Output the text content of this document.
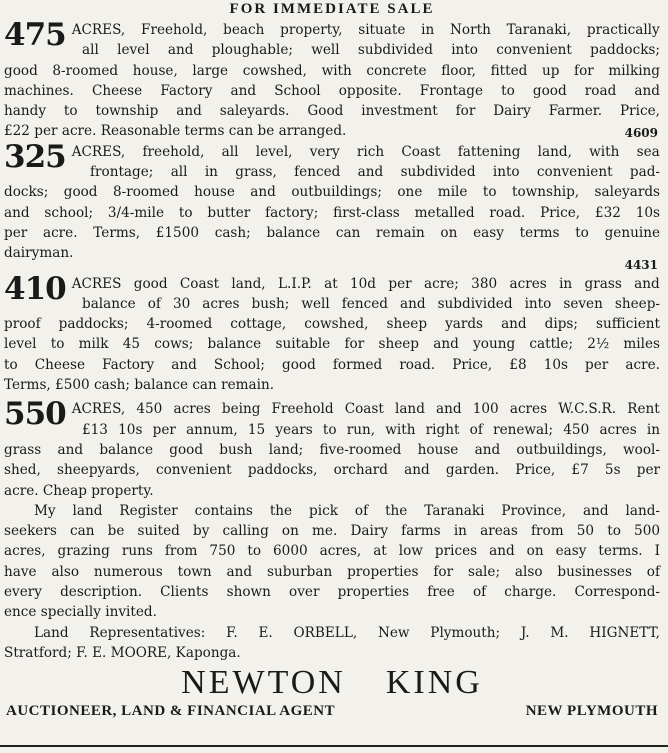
FOR IMMEDIATE SALE
475 ACRES, Freehold, beach property, situate in North Taranaki, practically
all level and ploughable; well subdivided into convenient paddocks;
good 8-roomed house, large cowshed, with concrete floor, fitted up for milking
machines. Cheese Factory and School opposite. Frontage to good road and
handy to township and saleyards. Good investment for Dairy Farmer. Price,
£22 per acre. Reasonable terms can be arranged.	4609
325 ACRES, freehold, all level, very rich Coast fattening land, with sea
frontage; all in grass, fenced and subdivided into convenient pad-
docks; good 8-roomed house and outbuildings; one mile to township, saleyards
and school; 3/4-mile to butter factory; first-class metalled road. Price, £32 10s
per acre. Terms, £1500 cash; balance can remain on easy terms to genuine
dairyman.
4431
410 ACRES good Coast land, L.I.P. at 10d per acre; 380 acres in grass and
balance of 30 acres bush; well fenced and subdivided into seven sheep-
proof paddocks; 4-roomed cottage, cowshed, sheep yards and dips; sufficient
level to milk 45 cows; balance suitable for sheep and young cattle; 2½ miles
to Cheese Factory and School; good formed road. Price, £8 10s per acre.
Terms, £500 cash; balance can remain.
550 ACRES, 450 acres being Freehold Coast land and 100 acres W.C.S.R. Rent
£13 10s per annum, 15 years to run, with right of renewal; 450 acres in
grass and balance good bush land; five-roomed house and outbuildings, wool-
shed, sheepyards, convenient paddocks, orchard and garden. Price, £7 5s per
acre. Cheap property.
My land Register contains the pick of the Taranaki Province, and land-
seekers can be suited by calling on me. Dairy farms in areas from 50 to 500
acres, grazing runs from 750 to 6000 acres, at low prices and on easy terms. I
have also numerous town and suburban properties for sale; also businesses of
every description. Clients shown over properties free of charge. Correspond-
ence specially invited.
Land Representatives: F. E. ORBELL, New Plymouth; J. M. HIGNETT,
Stratford; F. E. MOORE, Kaponga.
NEWTON KING
AUCTIONEER, LAND & FINANCIAL AGENT	NEW PLYMOUTH
